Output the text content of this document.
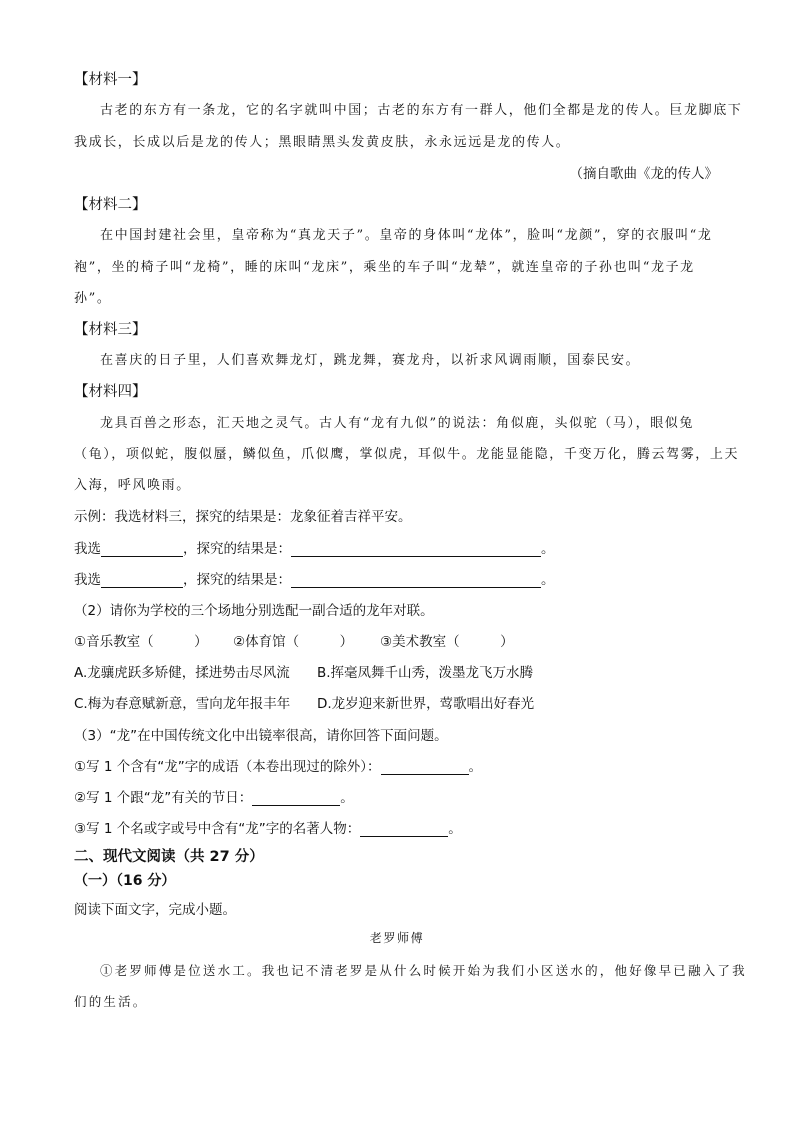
【材料一】
古老的东方有一条龙，它的名字就叫中国；古老的东方有一群人，他们全都是龙的传人。巨龙脚底下
我成长，长成以后是龙的传人；黑眼睛黑头发黄皮肤，永永远远是龙的传人。
（摘自歌曲《龙的传人》
【材料二】
在中国封建社会里，皇帝称为“真龙天子”。皇帝的身体叫“龙体”，脸叫“龙颜”，穿的衣服叫“龙
袍”，坐的椅子叫“龙椅”，睡的床叫“龙床”，乘坐的车子叫“龙辇”，就连皇帝的子孙也叫“龙子龙
孙”。
【材料三】
在喜庆的日子里，人们喜欢舞龙灯，跳龙舞，赛龙舟，以祈求风调雨顺，国泰民安。
【材料四】
龙具百兽之形态，汇天地之灵气。古人有“龙有九似”的说法：角似鹿，头似驼（马），眼似兔
（龟），项似蛇，腹似蜃，鳞似鱼，爪似鹰，掌似虎，耳似牛。龙能显能隐，千变万化，腾云驾雾，上天
入海，呼风唤雨。
示例：我选材料三，探究的结果是：龙象征着吉祥平安。
我选	，探究的结果是：	。
我选	，探究的结果是：	。
（2）请你为学校的三个场地分别选配一副合适的龙年对联。
①音乐教室（　　　） ②体育馆（　　　） ③美术教室（　　　）
A.龙骧虎跃多矫健，揉进势击尽风流 B.挥毫凤舞千山秀，泼墨龙飞万水腾
C.梅为春意赋新意，雪向龙年报丰年 D.龙岁迎来新世界，莺歌唱出好春光
（3）“龙”在中国传统文化中出镜率很高，请你回答下面问题。
①写 1 个含有“龙”字的成语（本卷出现过的除外）：	。
②写 1 个跟“龙”有关的节日：	。
③写 1 个名或字或号中含有“龙”字的名著人物：	。
二、现代文阅读（共 27 分）
（一）（16 分）
阅读下面文字，完成小题。
老罗师傅
①老罗师傅是位送水工。我也记不清老罗是从什么时候开始为我们小区送水的，他好像早已融入了我
们的生活。
